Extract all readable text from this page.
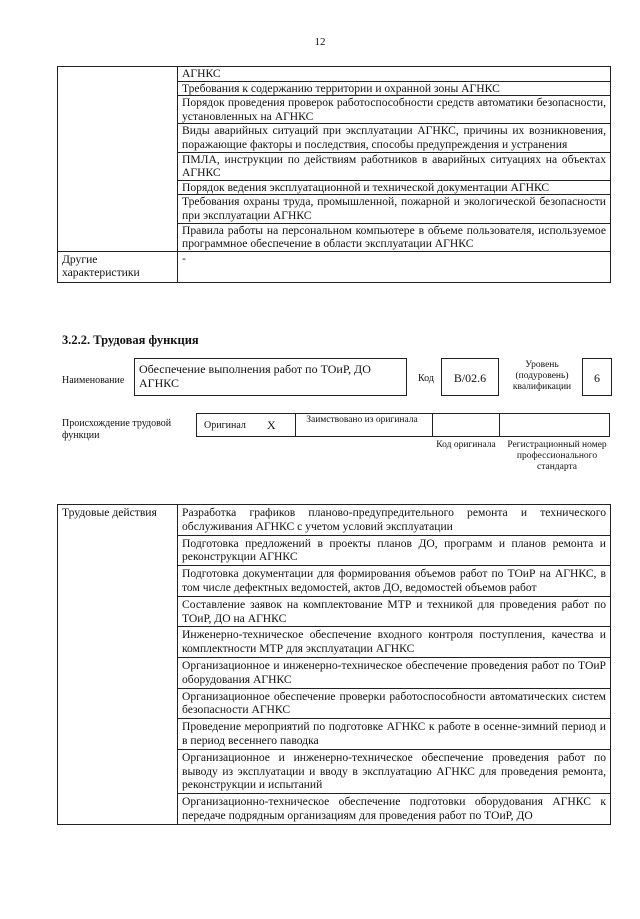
12
	АГНКС
	Требования к содержанию территории и охранной зоны АГНКС
	Порядок проведения проверок работоспособности средств автоматики безопасности, установленных на АГНКС
	Виды аварийных ситуаций при эксплуатации АГНКС, причины их возникновения, поражающие факторы и последствия, способы предупреждения и устранения
	ПМЛА, инструкции по действиям работников в аварийных ситуациях на объектах АГНКС
	Порядок ведения эксплуатационной и технической документации АГНКС
	Требования охраны труда, промышленной, пожарной и экологической безопасности при эксплуатации АГНКС
	Правила работы на персональном компьютере в объеме пользователя, используемое программное обеспечение в области эксплуатации АГНКС
Другие характеристики	-
3.2.2. Трудовая функция
Наименование
Обеспечение выполнения работ по ТОиР, ДО АГНКС	Код	В/02.6
Уровень (подуровень) квалификации
6
Происхождение трудовой функции
Оригинал X	Заимствовано из оригинала
Код оригинала	Регистрационный номер профессионального стандарта
Трудовые действия	Разработка графиков планово-предупредительного ремонта и технического обслуживания АГНКС с учетом условий эксплуатации
Подготовка предложений в проекты планов ДО, программ и планов ремонта и реконструкции АГНКС
Подготовка документации для формирования объемов работ по ТОиР на АГНКС, в том числе дефектных ведомостей, актов ДО, ведомостей объемов работ
Составление заявок на комплектование МТР и техникой для проведения работ по ТОиР, ДО на АГНКС
Инженерно-техническое обеспечение входного контроля поступления, качества и комплектности МТР для эксплуатации АГНКС
Организационное и инженерно-техническое обеспечение проведения работ по ТОиР оборудования АГНКС
Организационное обеспечение проверки работоспособности автоматических систем безопасности АГНКС
Проведение мероприятий по подготовке АГНКС к работе в осенне-зимний период и в период весеннего паводка
Организационное и инженерно-техническое обеспечение проведения работ по выводу из эксплуатации и вводу в эксплуатацию АГНКС для проведения ремонта, реконструкции и испытаний
Организационно-техническое обеспечение подготовки оборудования АГНКС к передаче подрядным организациям для проведения работ по ТОиР, ДО
